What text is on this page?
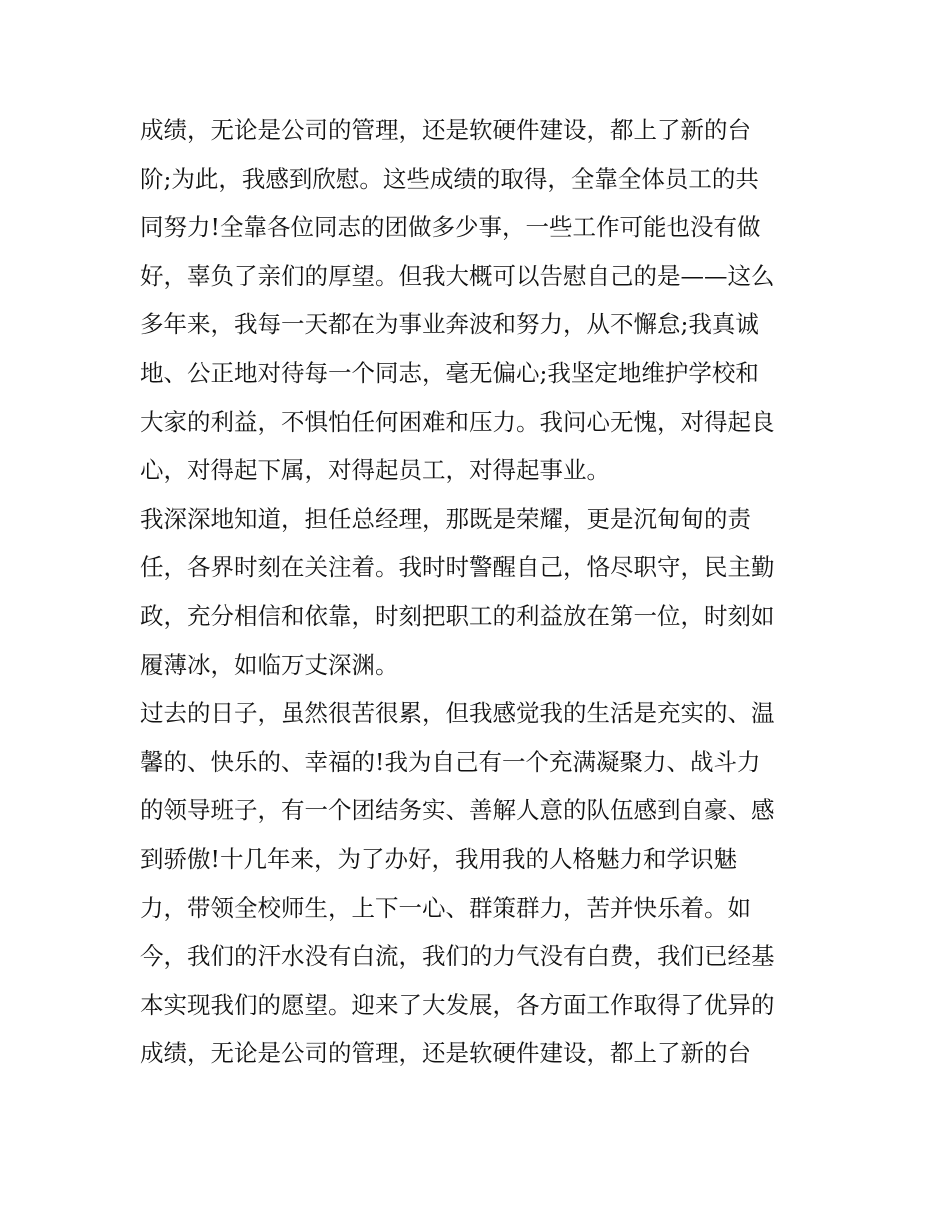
成绩，无论是公司的管理，还是软硬件建设，都上了新的台
阶;为此，我感到欣慰。这些成绩的取得，全靠全体员工的共
同努力!全靠各位同志的团做多少事，一些工作可能也没有做
好，辜负了亲们的厚望。但我大概可以告慰自己的是——这么
多年来，我每一天都在为事业奔波和努力，从不懈怠;我真诚
地、公正地对待每一个同志，毫无偏心;我坚定地维护学校和
大家的利益，不惧怕任何困难和压力。我问心无愧，对得起良
心，对得起下属，对得起员工，对得起事业。
我深深地知道，担任总经理，那既是荣耀，更是沉甸甸的责
任，各界时刻在关注着。我时时警醒自己，恪尽职守，民主勤
政，充分相信和依靠，时刻把职工的利益放在第一位，时刻如
履薄冰，如临万丈深渊。
过去的日子，虽然很苦很累，但我感觉我的生活是充实的、温
馨的、快乐的、幸福的!我为自己有一个充满凝聚力、战斗力
的领导班子，有一个团结务实、善解人意的队伍感到自豪、感
到骄傲!十几年来，为了办好，我用我的人格魅力和学识魅
力，带领全校师生，上下一心、群策群力，苦并快乐着。如
今，我们的汗水没有白流，我们的力气没有白费，我们已经基
本实现我们的愿望。迎来了大发展，各方面工作取得了优异的
成绩，无论是公司的管理，还是软硬件建设，都上了新的台
